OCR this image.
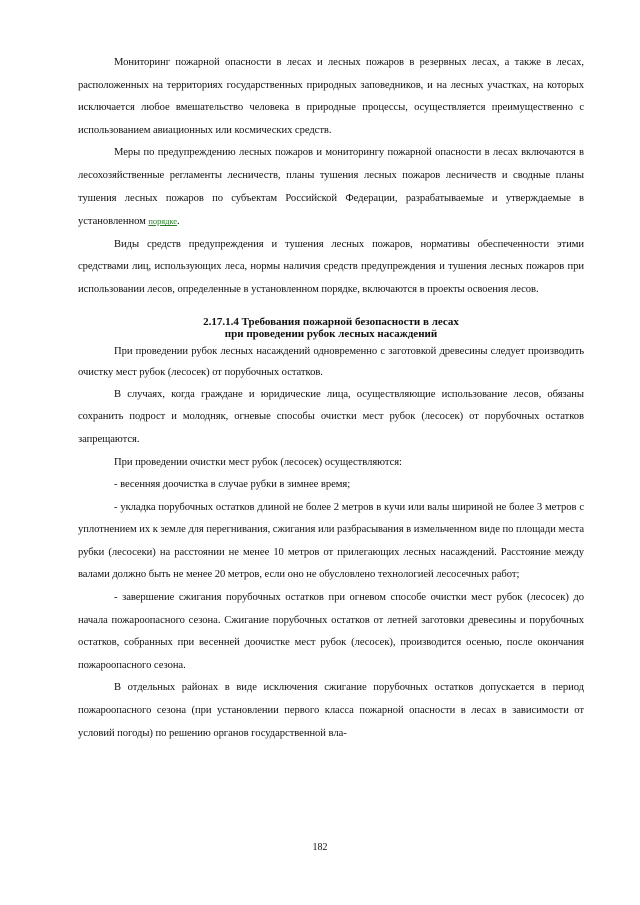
Мониторинг пожарной опасности в лесах и лесных пожаров в резервных лесах, а также в лесах, расположенных на территориях государственных природных заповедников, и на лесных участках, на которых исключается любое вмешательство человека в природные процессы, осуществляется преимущественно с использованием авиационных или космических средств.

Меры по предупреждению лесных пожаров и мониторингу пожарной опасности в лесах включаются в лесохозяйственные регламенты лесничеств, планы тушения лесных пожаров лесничеств и сводные планы тушения лесных пожаров по субъектам Российской Федерации, разрабатываемые и утверждаемые в установленном порядке.

Виды средств предупреждения и тушения лесных пожаров, нормативы обеспеченности этими средствами лиц, использующих леса, нормы наличия средств предупреждения и тушения лесных пожаров при использовании лесов, определенные в установленном порядке, включаются в проекты освоения лесов.

2.17.1.4 Требования пожарной безопасности в лесах
при проведении рубок лесных насаждений

При проведении рубок лесных насаждений одновременно с заготовкой древесины следует производить очистку мест рубок (лесосек) от порубочных остатков.

В случаях, когда граждане и юридические лица, осуществляющие использование лесов, обязаны сохранить подрост и молодняк, огневые способы очистки мест рубок (лесосек) от порубочных остатков запрещаются.

При проведении очистки мест рубок (лесосек) осуществляются:

- весенняя доочистка в случае рубки в зимнее время;

- укладка порубочных остатков длиной не более 2 метров в кучи или валы шириной не более 3 метров с уплотнением их к земле для перегнивания, сжигания или разбрасывания в измельченном виде по площади места рубки (лесосеки) на расстоянии не менее 10 метров от прилегающих лесных насаждений. Расстояние между валами должно быть не менее 20 метров, если оно не обусловлено технологией лесосечных работ;

- завершение сжигания порубочных остатков при огневом способе очистки мест рубок (лесосек) до начала пожароопасного сезона. Сжигание порубочных остатков от летней заготовки древесины и порубочных остатков, собранных при весенней доочистке мест рубок (лесосек), производится осенью, после окончания пожароопасного сезона.

В отдельных районах в виде исключения сжигание порубочных остатков допускается в период пожароопасного сезона (при установлении первого класса пожарной опасности в лесах в зависимости от условий погоды) по решению органов государственной вла-

182
